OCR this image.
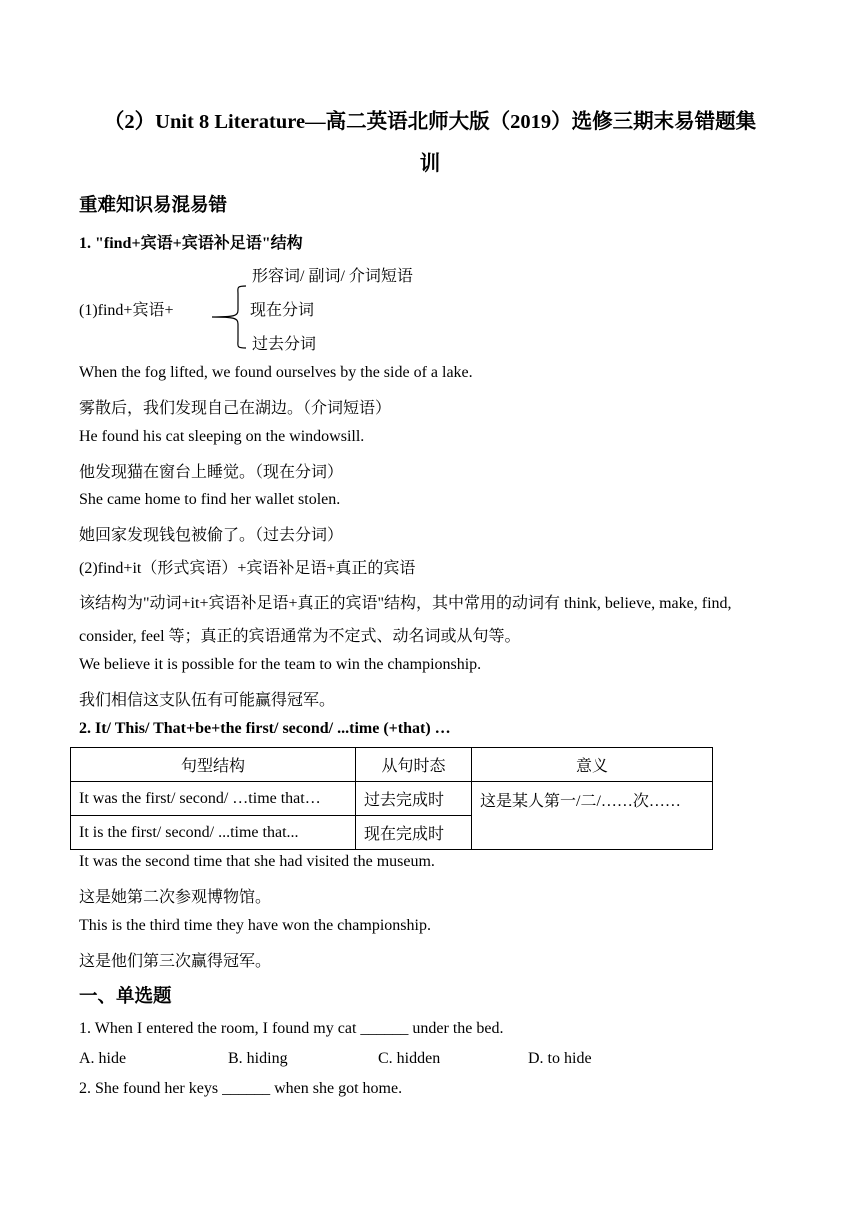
（2）Unit 8 Literature—高二英语北师大版（2019）选修三期末易错题集
训
重难知识易混易错
1. "find+宾语+宾语补足语"结构
(1)find+宾语+
形容词/ 副词/ 介词短语
现在分词
过去分词
When the fog lifted, we found ourselves by the side of a lake.
雾散后，我们发现自己在湖边。（介词短语）
He found his cat sleeping on the windowsill.
他发现猫在窗台上睡觉。（现在分词）
She came home to find her wallet stolen.
她回家发现钱包被偷了。（过去分词）
(2)find+it（形式宾语）+宾语补足语+真正的宾语
该结构为"动词+it+宾语补足语+真正的宾语"结构，其中常用的动词有 think, believe, make, find,
consider, feel 等；真正的宾语通常为不定式、动名词或从句等。
We believe it is possible for the team to win the championship.
我们相信这支队伍有可能赢得冠军。
2. It/ This/ That+be+the first/ second/ ...time (+that) …
句型结构	从句时态	意义
It was the first/ second/ …time that…	过去完成时	这是某人第一/二/……次……
It is the first/ second/ ...time that...	现在完成时	
It was the second time that she had visited the museum.
这是她第二次参观博物馆。
This is the third time they have won the championship.
这是他们第三次赢得冠军。
一、单选题
1. When I entered the room, I found my cat ______ under the bed.
A. hide	B. hiding	C. hidden	D. to hide
2. She found her keys ______ when she got home.
